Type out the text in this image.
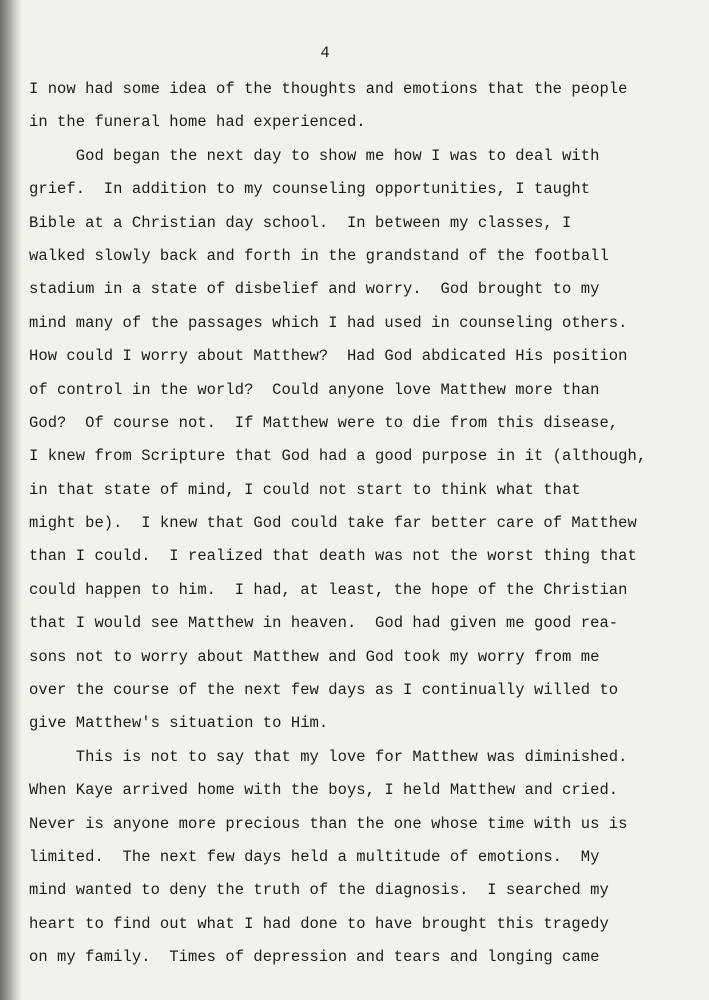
4
I now had some idea of the thoughts and emotions that the people
in the funeral home had experienced.
God began the next day to show me how I was to deal with
grief.  In addition to my counseling opportunities, I taught
Bible at a Christian day school.  In between my classes, I
walked slowly back and forth in the grandstand of the football
stadium in a state of disbelief and worry.  God brought to my
mind many of the passages which I had used in counseling others.
How could I worry about Matthew?  Had God abdicated His position
of control in the world?  Could anyone love Matthew more than
God?  Of course not.  If Matthew were to die from this disease,
I knew from Scripture that God had a good purpose in it (although,
in that state of mind, I could not start to think what that
might be).  I knew that God could take far better care of Matthew
than I could.  I realized that death was not the worst thing that
could happen to him.  I had, at least, the hope of the Christian
that I would see Matthew in heaven.  God had given me good rea-
sons not to worry about Matthew and God took my worry from me
over the course of the next few days as I continually willed to
give Matthew's situation to Him.
This is not to say that my love for Matthew was diminished.
When Kaye arrived home with the boys, I held Matthew and cried.
Never is anyone more precious than the one whose time with us is
limited.  The next few days held a multitude of emotions.  My
mind wanted to deny the truth of the diagnosis.  I searched my
heart to find out what I had done to have brought this tragedy
on my family.  Times of depression and tears and longing came
